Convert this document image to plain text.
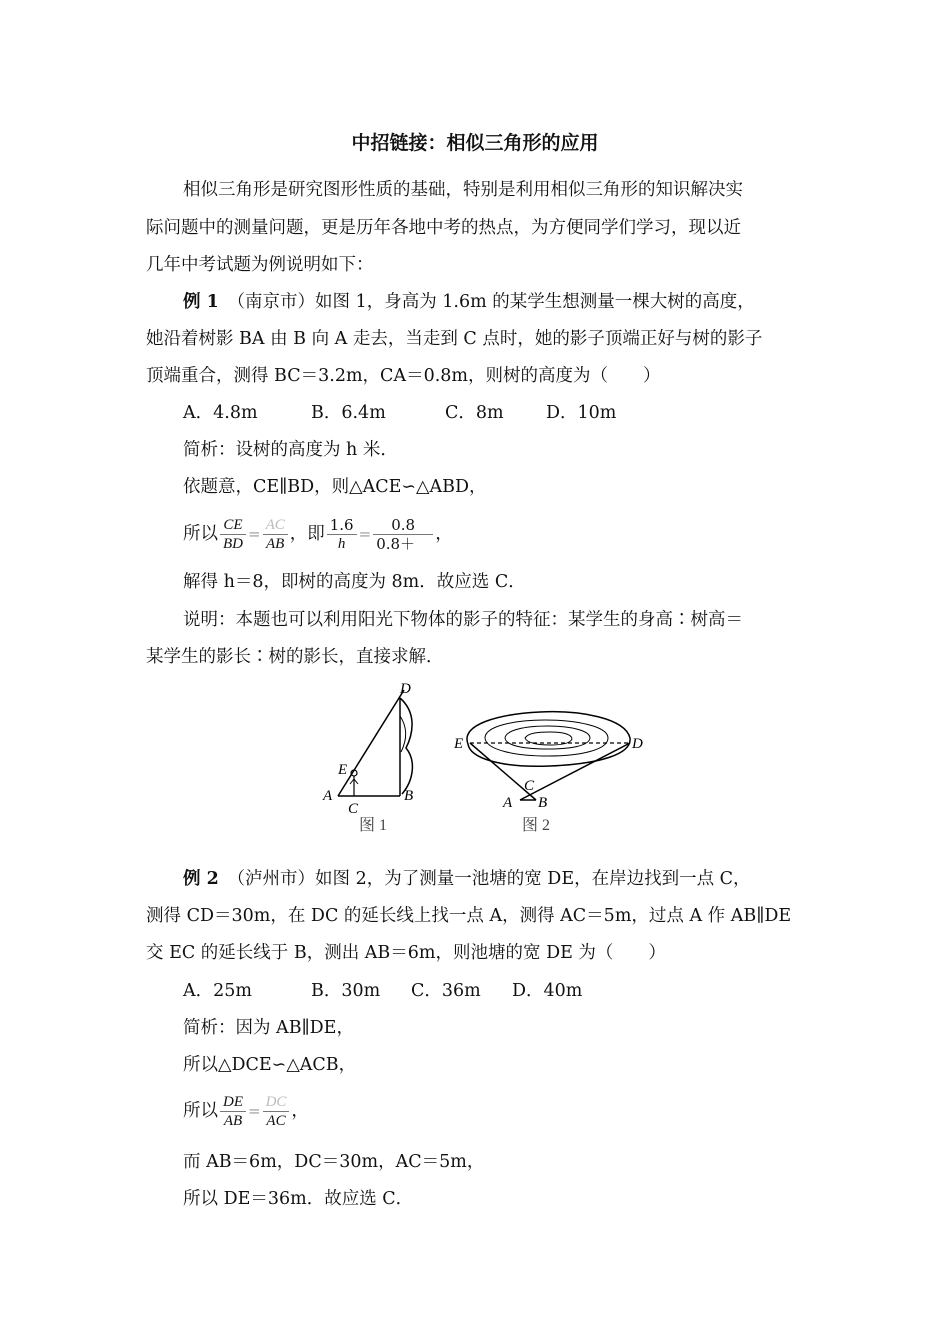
中招链接：相似三角形的应用
相似三角形是研究图形性质的基础，特别是利用相似三角形的知识解决实
际问题中的测量问题，更是历年各地中考的热点，为方便同学们学习，现以近
几年中考试题为例说明如下：
例 1　 （南京市）如图 1，身高为 1.6m 的某学生想测量一棵大树的高度，
她沿着树影 BA 由 B 向 A 走去，当走到 C 点时，她的影子顶端正好与树的影子
顶端重合，测得 BC＝3.2m，CA＝0.8m，则树的高度为（　　）
A．4.8m	B．6.4m	C．8m D．10m
简析：设树的高度为 h 米．
依题意，CE∥BD，则△ACE∽△ABD，
所以 $\frac{CE}{BD} = \frac{AC}{AB}$ ，即 $\frac{1.6}{h} = \frac{0.8}{0.8+}$ ，
解得 h＝8，即树的高度为 8m．故应选 C．
说明：本题也可以利用阳光下物体的影子的特征：某学生的身高∶树高＝
某学生的影长∶树的影长，直接求解．
D
E
A
C
B
图 1
E	D
C
A B
图 2
例 2　 （泸州市）如图 2，为了测量一池塘的宽 DE，在岸边找到一点 C，
测得 CD＝30m，在 DC 的延长线上找一点 A，测得 AC＝5m，过点 A 作 AB∥DE
交 EC 的延长线于 B，测出 AB＝6m，则池塘的宽 DE 为（　　）
A．25m	B．30m C．36m D．40m
简析：因为 AB∥DE，
所以△DCE∽△ACB，
所以 $\frac{DE}{AB} = \frac{DC}{AC}$ ，
而 AB＝6m，DC＝30m，AC＝5m，
所以 DE＝36m．故应选 C．
